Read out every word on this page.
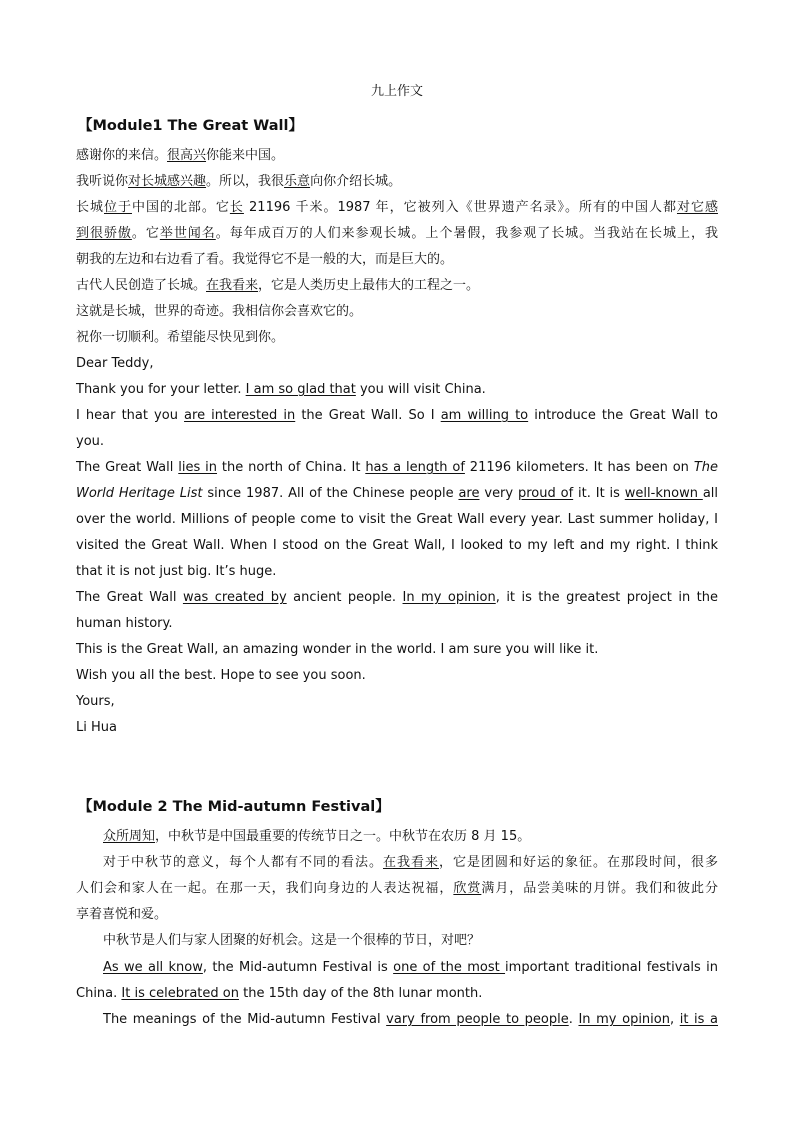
九上作文
【Module1 The Great Wall】
感谢你的来信。很高兴你能来中国。
我听说你对长城感兴趣。所以，我很乐意向你介绍长城。
长城位于中国的北部。它长 21196 千米。1987 年，它被列入《世界遗产名录》。所有的中国人都对它感
到很骄傲。它举世闻名。每年成百万的人们来参观长城。上个暑假，我参观了长城。当我站在长城上，我
朝我的左边和右边看了看。我觉得它不是一般的大，而是巨大的。
古代人民创造了长城。在我看来，它是人类历史上最伟大的工程之一。
这就是长城，世界的奇迹。我相信你会喜欢它的。
祝你一切顺利。希望能尽快见到你。
Dear Teddy,
Thank you for your letter. I am so glad that you will visit China.
I hear that you are interested in the Great Wall. So I am willing to introduce the Great Wall to
you.
The Great Wall lies in the north of China. It has a length of 21196 kilometers. It has been on The
World Heritage List since 1987. All of the Chinese people are very proud of it. It is well-known all
over the world. Millions of people come to visit the Great Wall every year. Last summer holiday, I
visited the Great Wall. When I stood on the Great Wall, I looked to my left and my right. I think
that it is not just big. It’s huge.
The Great Wall was created by ancient people. In my opinion, it is the greatest project in the
human history.
This is the Great Wall, an amazing wonder in the world. I am sure you will like it.
Wish you all the best. Hope to see you soon.
Yours,
Li Hua
【Module 2 The Mid-autumn Festival】
众所周知，中秋节是中国最重要的传统节日之一。中秋节在农历 8 月 15。
对于中秋节的意义，每个人都有不同的看法。在我看来，它是团圆和好运的象征。在那段时间，很多
人们会和家人在一起。在那一天，我们向身边的人表达祝福，欣赏满月，品尝美味的月饼。我们和彼此分
享着喜悦和爱。
中秋节是人们与家人团聚的好机会。这是一个很棒的节日，对吧？
As we all know, the Mid-autumn Festival is one of the most important traditional festivals in
China. It is celebrated on the 15th day of the 8th lunar month.
The meanings of the Mid-autumn Festival vary from people to people. In my opinion, it is a
